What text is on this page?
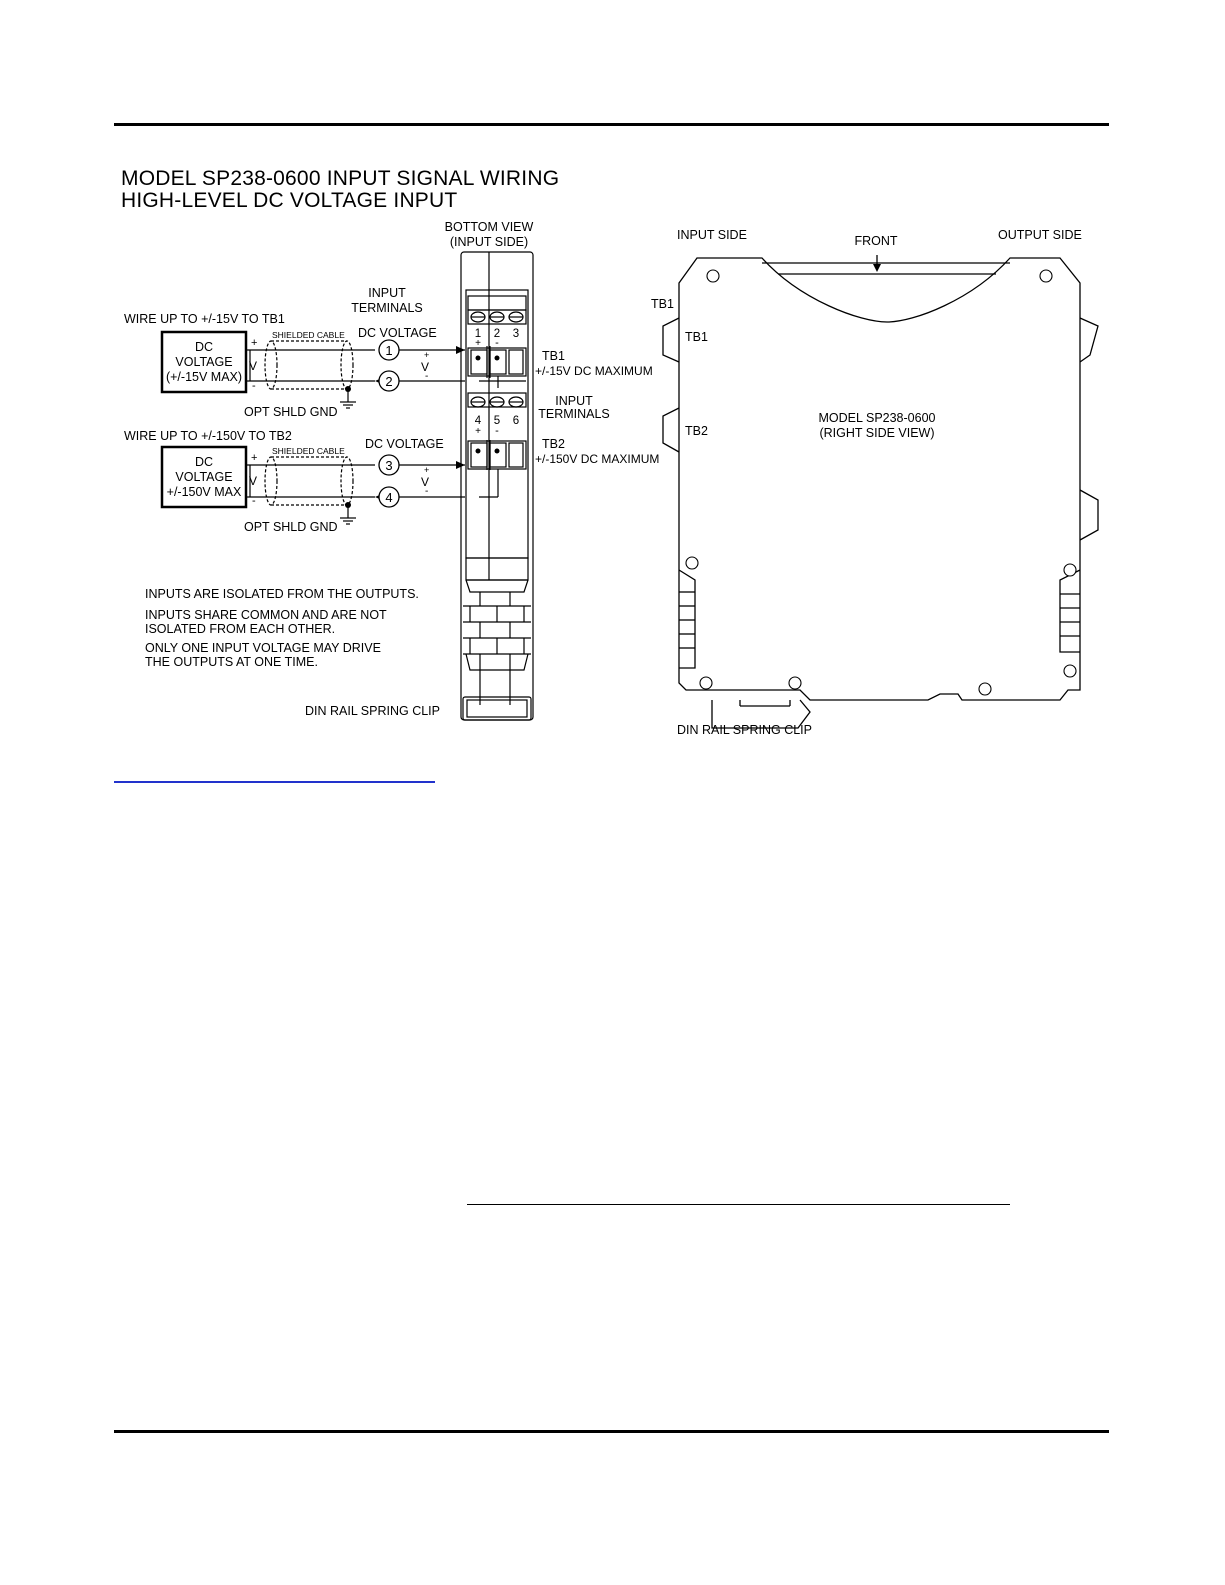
MODEL SP238-0600 INPUT SIGNAL WIRING
HIGH-LEVEL DC VOLTAGE INPUT
WIRE UP TO +/-15V TO TB1
WIRE UP TO +/-150V TO TB2
DC
VOLTAGE
(+/-15V MAX)
DC
VOLTAGE
+/-150V MAX
+
V
-
SHIELDED CABLE
OPT SHLD GND
+
V
-
SHIELDED CABLE
OPT SHLD GND
1
2
3
4
+
V
-
+
V
-
INPUT
TERMINALS
DC VOLTAGE
DC VOLTAGE
BOTTOM VIEW
(INPUT SIDE)
1 2 3
+ -
4 5 6
+ -
TB1
+/-15V DC MAXIMUM
INPUT
TERMINALS
TB2
+/-150V DC MAXIMUM
DIN RAIL SPRING CLIP
INPUTS ARE ISOLATED FROM THE OUTPUTS.
INPUTS SHARE COMMON AND ARE NOT
ISOLATED FROM EACH OTHER.
ONLY ONE INPUT VOLTAGE MAY DRIVE
THE OUTPUTS AT ONE TIME.
INPUT SIDE	FRONT	OUTPUT SIDE
TB1
TB1
TB2
MODEL SP238-0600
(RIGHT SIDE VIEW)
DIN RAIL SPRING CLIP
